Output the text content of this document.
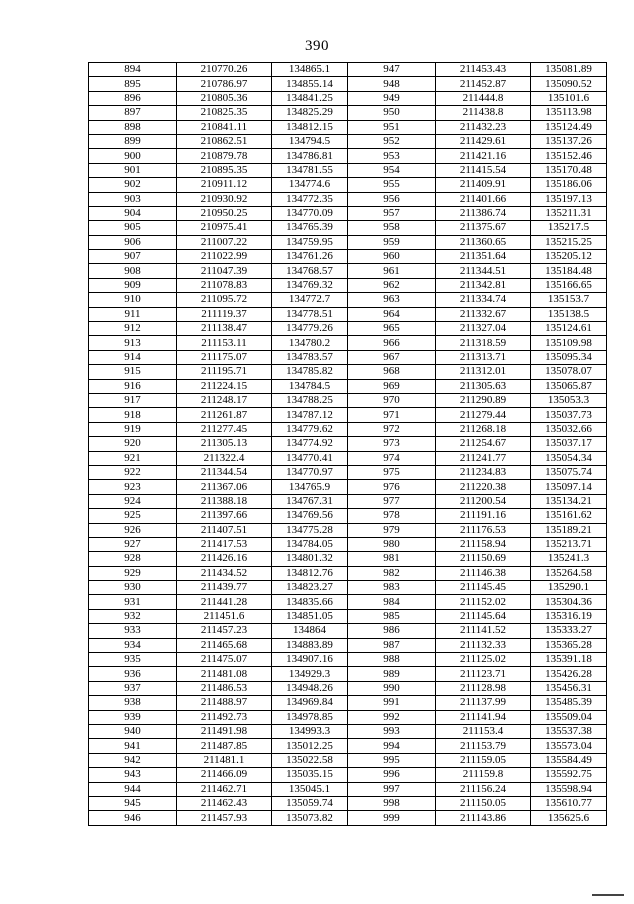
390
894	210770.26	134865.1	947	211453.43	135081.89
895	210786.97	134855.14	948	211452.87	135090.52
896	210805.36	134841.25	949	211444.8	135101.6
897	210825.35	134825.29	950	211438.8	135113.98
898	210841.11	134812.15	951	211432.23	135124.49
899	210862.51	134794.5	952	211429.61	135137.26
900	210879.78	134786.81	953	211421.16	135152.46
901	210895.35	134781.55	954	211415.54	135170.48
902	210911.12	134774.6	955	211409.91	135186.06
903	210930.92	134772.35	956	211401.66	135197.13
904	210950.25	134770.09	957	211386.74	135211.31
905	210975.41	134765.39	958	211375.67	135217.5
906	211007.22	134759.95	959	211360.65	135215.25
907	211022.99	134761.26	960	211351.64	135205.12
908	211047.39	134768.57	961	211344.51	135184.48
909	211078.83	134769.32	962	211342.81	135166.65
910	211095.72	134772.7	963	211334.74	135153.7
911	211119.37	134778.51	964	211332.67	135138.5
912	211138.47	134779.26	965	211327.04	135124.61
913	211153.11	134780.2	966	211318.59	135109.98
914	211175.07	134783.57	967	211313.71	135095.34
915	211195.71	134785.82	968	211312.01	135078.07
916	211224.15	134784.5	969	211305.63	135065.87
917	211248.17	134788.25	970	211290.89	135053.3
918	211261.87	134787.12	971	211279.44	135037.73
919	211277.45	134779.62	972	211268.18	135032.66
920	211305.13	134774.92	973	211254.67	135037.17
921	211322.4	134770.41	974	211241.77	135054.34
922	211344.54	134770.97	975	211234.83	135075.74
923	211367.06	134765.9	976	211220.38	135097.14
924	211388.18	134767.31	977	211200.54	135134.21
925	211397.66	134769.56	978	211191.16	135161.62
926	211407.51	134775.28	979	211176.53	135189.21
927	211417.53	134784.05	980	211158.94	135213.71
928	211426.16	134801.32	981	211150.69	135241.3
929	211434.52	134812.76	982	211146.38	135264.58
930	211439.77	134823.27	983	211145.45	135290.1
931	211441.28	134835.66	984	211152.02	135304.36
932	211451.6	134851.05	985	211145.64	135316.19
933	211457.23	134864	986	211141.52	135333.27
934	211465.68	134883.89	987	211132.33	135365.28
935	211475.07	134907.16	988	211125.02	135391.18
936	211481.08	134929.3	989	211123.71	135426.28
937	211486.53	134948.26	990	211128.98	135456.31
938	211488.97	134969.84	991	211137.99	135485.39
939	211492.73	134978.85	992	211141.94	135509.04
940	211491.98	134993.3	993	211153.4	135537.38
941	211487.85	135012.25	994	211153.79	135573.04
942	211481.1	135022.58	995	211159.05	135584.49
943	211466.09	135035.15	996	211159.8	135592.75
944	211462.71	135045.1	997	211156.24	135598.94
945	211462.43	135059.74	998	211150.05	135610.77
946	211457.93	135073.82	999	211143.86	135625.6
